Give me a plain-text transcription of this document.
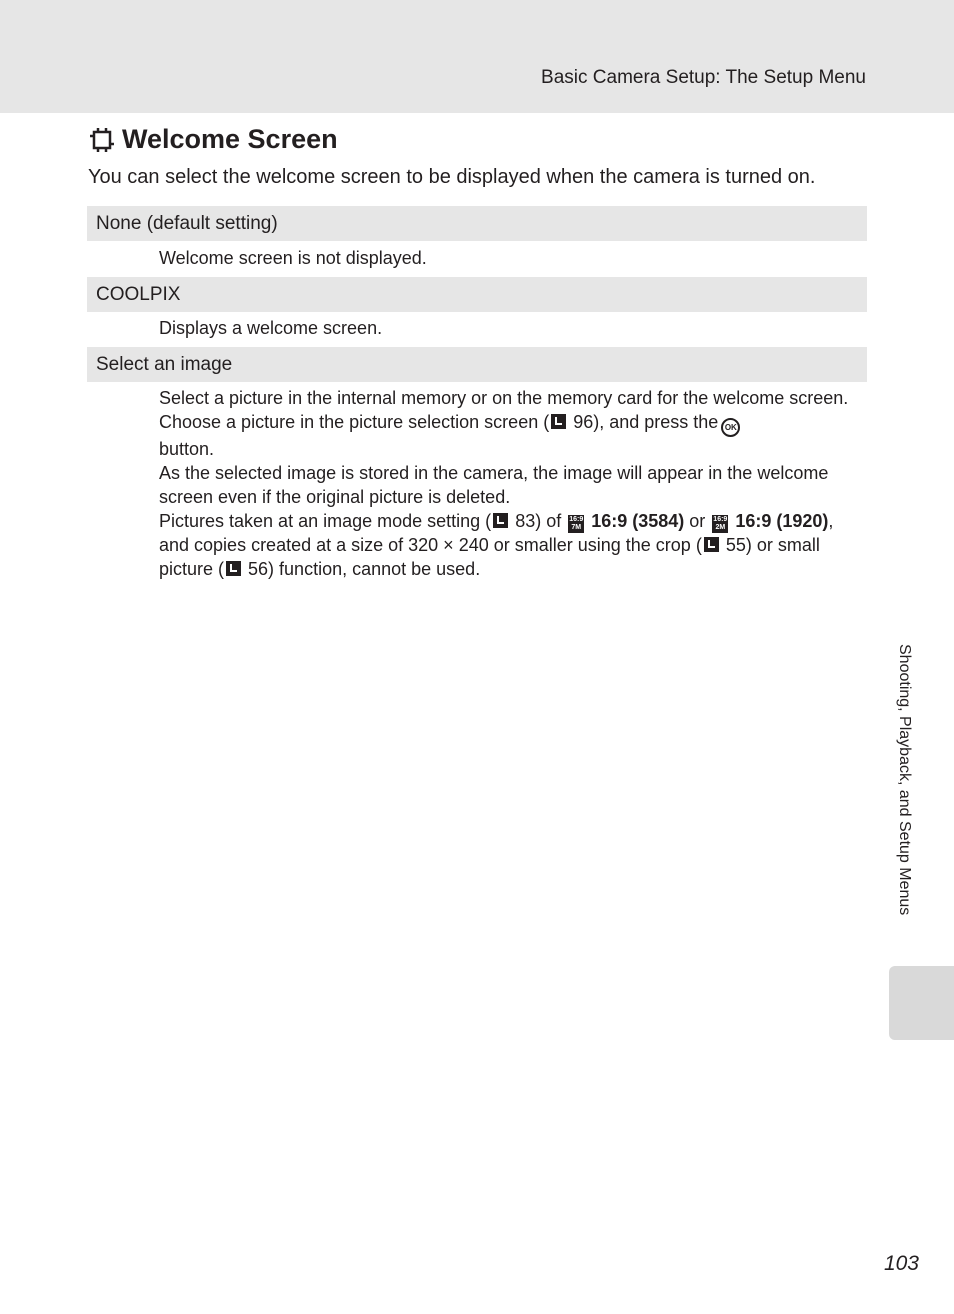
Basic Camera Setup: The Setup Menu
Welcome Screen
You can select the welcome screen to be displayed when the camera is turned on.
None (default setting)
Welcome screen is not displayed.
COOLPIX
Displays a welcome screen.
Select an image

Select a picture in the internal memory or on the memory card for the welcome screen. Choose a picture in the picture selection screen ( 96), and press the OK
button.

As the selected image is stored in the camera, the image will appear in the welcome screen even if the original picture is deleted.

Pictures taken at an image mode setting ( 83) of 16:9 7M 16:9 (3584) or 16:9 2M 16:9 (1920), and copies created at a size of 320 × 240 or smaller using the crop ( 55) or small picture ( 56) function, cannot be used.

Shooting, Playback, and Setup Menus
103
